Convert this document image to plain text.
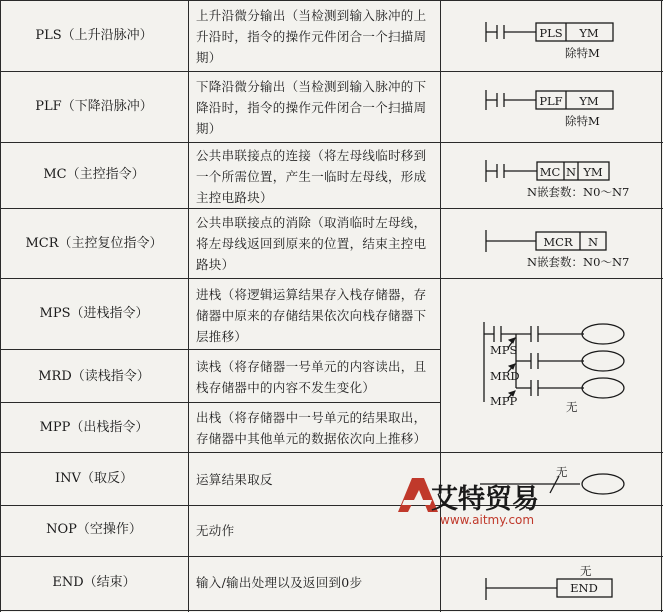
PLS（上升沿脉冲）
PLF（下降沿脉冲）
MC（主控指令）
MCR（主控复位指令）
MPS（进栈指令）
MRD（读栈指令）
MPP（出栈指令）
INV（取反）
NOP（空操作）
END（结束）
上升沿微分输出（当检测到输入脉冲的上升沿时，指令的操作元件闭合一个扫描周期）
下降沿微分输出（当检测到输入脉冲的下降沿时，指令的操作元件闭合一个扫描周期）
公共串联接点的连接（将左母线临时移到一个所需位置，产生一临时左母线，形成主控电路块）
公共串联接点的消除（取消临时左母线，将左母线返回到原来的位置，结束主控电路块）
进栈（将逻辑运算结果存入栈存储器，存储器中原来的存储结果依次向栈存储器下层推移）
读栈（将存储器一号单元的内容读出，且栈存储器中的内容不发生变化）
出栈（将存储器中一号单元的结果取出，存储器中其他单元的数据依次向上推移）
运算结果取反
无动作
输入/输出处理以及返回到0步
PLS YM
除特M
PLF YM
除特M
MC N YM
N嵌套数：N0～N7
MCR N
N嵌套数：N0～N7
MPS
MRD
MPP	无
无
END
无
艾特贸易
www.aitmy.com
